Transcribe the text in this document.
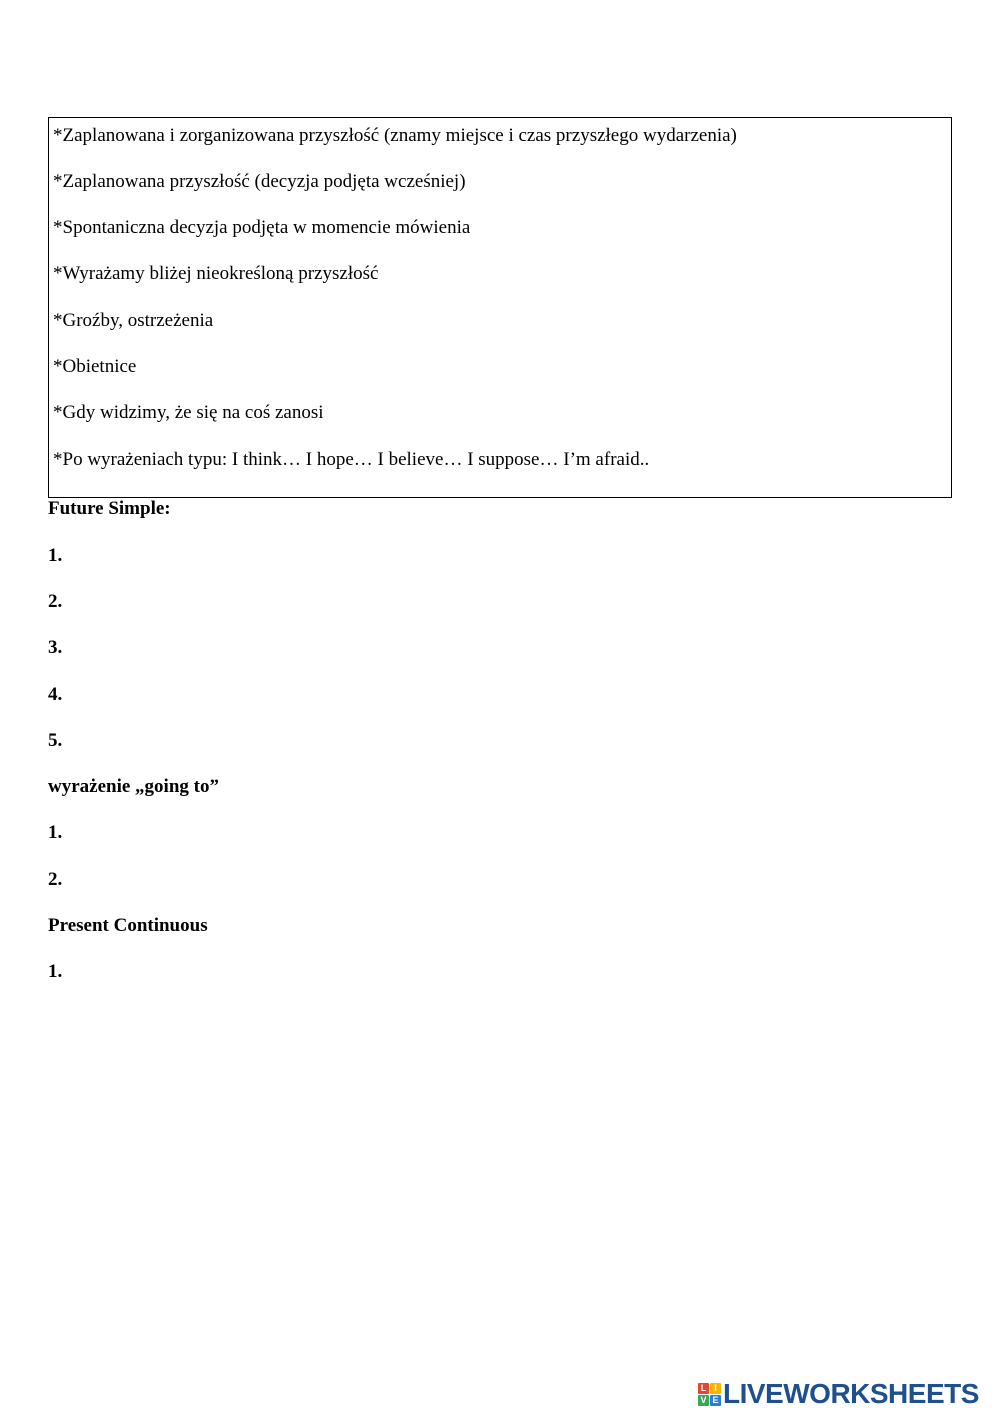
*Zaplanowana i zorganizowana przyszłość (znamy miejsce i czas przyszłego wydarzenia)
*Zaplanowana przyszłość (decyzja podjęta wcześniej)
*Spontaniczna decyzja podjęta w momencie mówienia
*Wyrażamy bliżej nieokreśloną przyszłość
*Groźby, ostrzeżenia
*Obietnice
*Gdy widzimy, że się na coś zanosi
*Po wyrażeniach typu: I think… I hope… I believe… I suppose… I’m afraid..
Future Simple:
1.
2.
3.
4.
5.
wyrażenie „going to”
1.
2.
Present Continuous
1.
L I
V E LIVEWORKSHEETS
